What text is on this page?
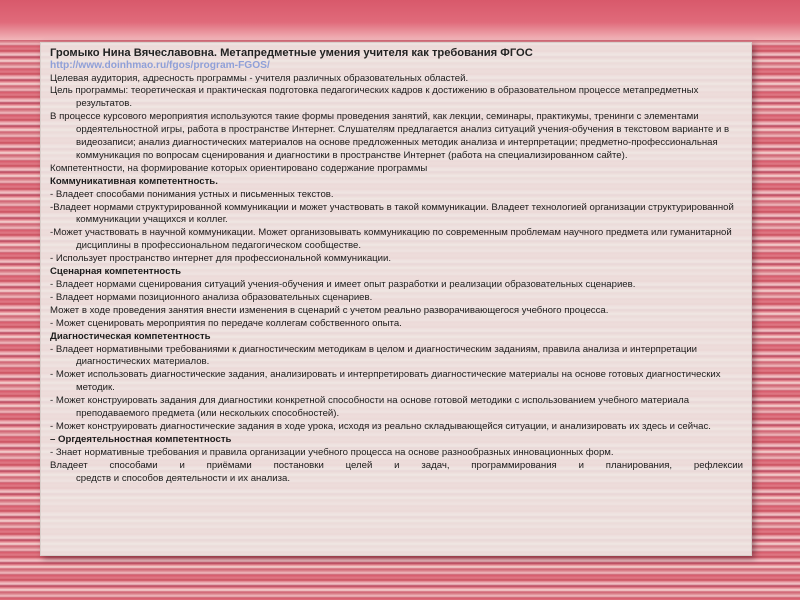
Громыко Нина Вячеславовна. Метапредметные умения учителя как требования ФГОС
http://www.doinhmao.ru/fgos/program-FGOS/

Целевая аудитория, адресность программы - учителя различных образовательных областей.

Цель программы: теоретическая и практическая подготовка педагогических кадров к достижению в образовательном процессе метапредметных результатов.

В процессе курсового мероприятия используются такие формы проведения занятий, как лекции, семинары, практикумы, тренинги с элементами ордеятельностной игры, работа в пространстве Интернет. Слушателям предлагается анализ ситуаций учения-обучения в текстовом варианте и в видеозаписи; анализ диагностических материалов на основе предложенных методик анализа и интерпретации; предметно-профессиональная коммуникация по вопросам сценирования и диагностики в пространстве Интернет (работа на специализированном сайте).

Компетентности, на формирование которых ориентировано содержание программы

Коммуникативная компетентность.

- Владеет способами понимания устных и письменных текстов.

-Владеет нормами структурированной коммуникации и может участвовать в такой коммуникации. Владеет технологией организации структурированной коммуникации учащихся и коллег.

-Может участвовать в научной коммуникации. Может организовывать коммуникацию по современным проблемам научного предмета или гуманитарной дисциплины в профессиональном педагогическом сообществе.

- Использует пространство интернет для профессиональной коммуникации.

Сценарная компетентность

- Владеет нормами сценирования ситуаций учения-обучения и имеет опыт разработки и реализации образовательных сценариев.

- Владеет нормами позиционного анализа образовательных сценариев.

Может в ходе проведения занятия внести изменения в сценарий с учетом реально разворачивающегося учебного процесса.

- Может сценировать мероприятия по передаче коллегам собственного опыта.

Диагностическая компетентность

- Владеет нормативными требованиями к диагностическим методикам в целом и диагностическим заданиям, правила анализа и интерпретации диагностических материалов.

- Может использовать диагностические задания, анализировать и интерпретировать диагностические материалы на основе готовых диагностических методик.

- Может конструировать задания для диагностики конкретной способности на основе готовой методики с использованием учебного материала преподаваемого предмета (или нескольких способностей).

- Может конструировать диагностические задания в ходе урока, исходя из реально складывающейся ситуации, и анализировать их здесь и сейчас.

– Оргдеятельностная компетентность

- Знает нормативные требования и правила организации учебного процесса на основе разнообразных инновационных форм.

Владеет способами и приёмами постановки целей и задач, программирования и планирования, рефлексии

средств и способов деятельности и их анализа.
